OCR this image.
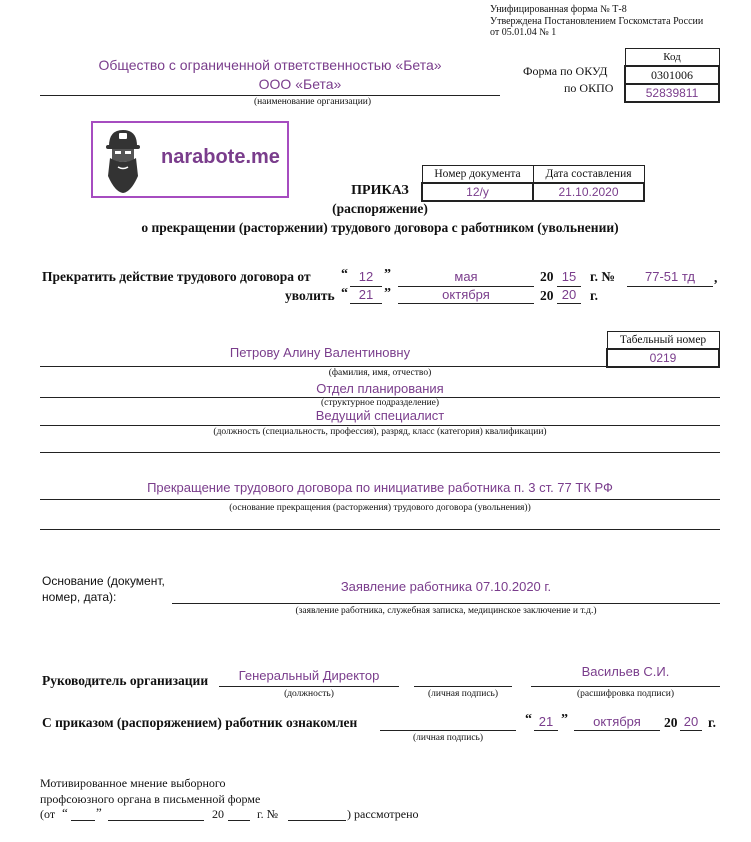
Унифицированная форма № Т-8
Утверждена Постановлением Госкомстата России
от 05.01.04 № 1
Общество с ограниченной ответственностью «Бета»
ООО «Бета»
(наименование организации)
Форма по ОКУД
по ОКПО
Код
0301006
52839811
narabote.me
Номер документа	Дата составления
12/у	21.10.2020
ПРИКАЗ
(распоряжение)
о прекращении (расторжении) трудового договора с работником (увольнении)
Прекратить действие трудового договора от “ 12 ”	мая	20 15	г. №	77-51 тд	,
уволить “ 21 ”	октября	20 20	г.
Табельный номер
0219
Петрову Алину Валентиновну
(фамилия, имя, отчество)
Отдел планирования
(структурное подразделение)
Ведущий специалист
(должность (специальность, профессия), разряд, класс (категория) квалификации)
Прекращение трудового договора по инициативе работника п. 3 ст. 77 ТК РФ
(основание прекращения (расторжения) трудового договора (увольнения))
Основание (документ,
номер, дата):
Заявление работника 07.10.2020 г.
(заявление работника, служебная записка, медицинское заключение и т.д.)
Руководитель организации	Генеральный Директор
(должность)	(личная подпись)
Васильев С.И.
(расшифровка подписи)
С приказом (распоряжением) работник ознакомлен
(личная подпись)
“ 21 ”	октября	20 20 г.
Мотивированное мнение выборного
профсоюзного органа в письменной форме
(от “ ”	20	г. №	) рассмотрено
